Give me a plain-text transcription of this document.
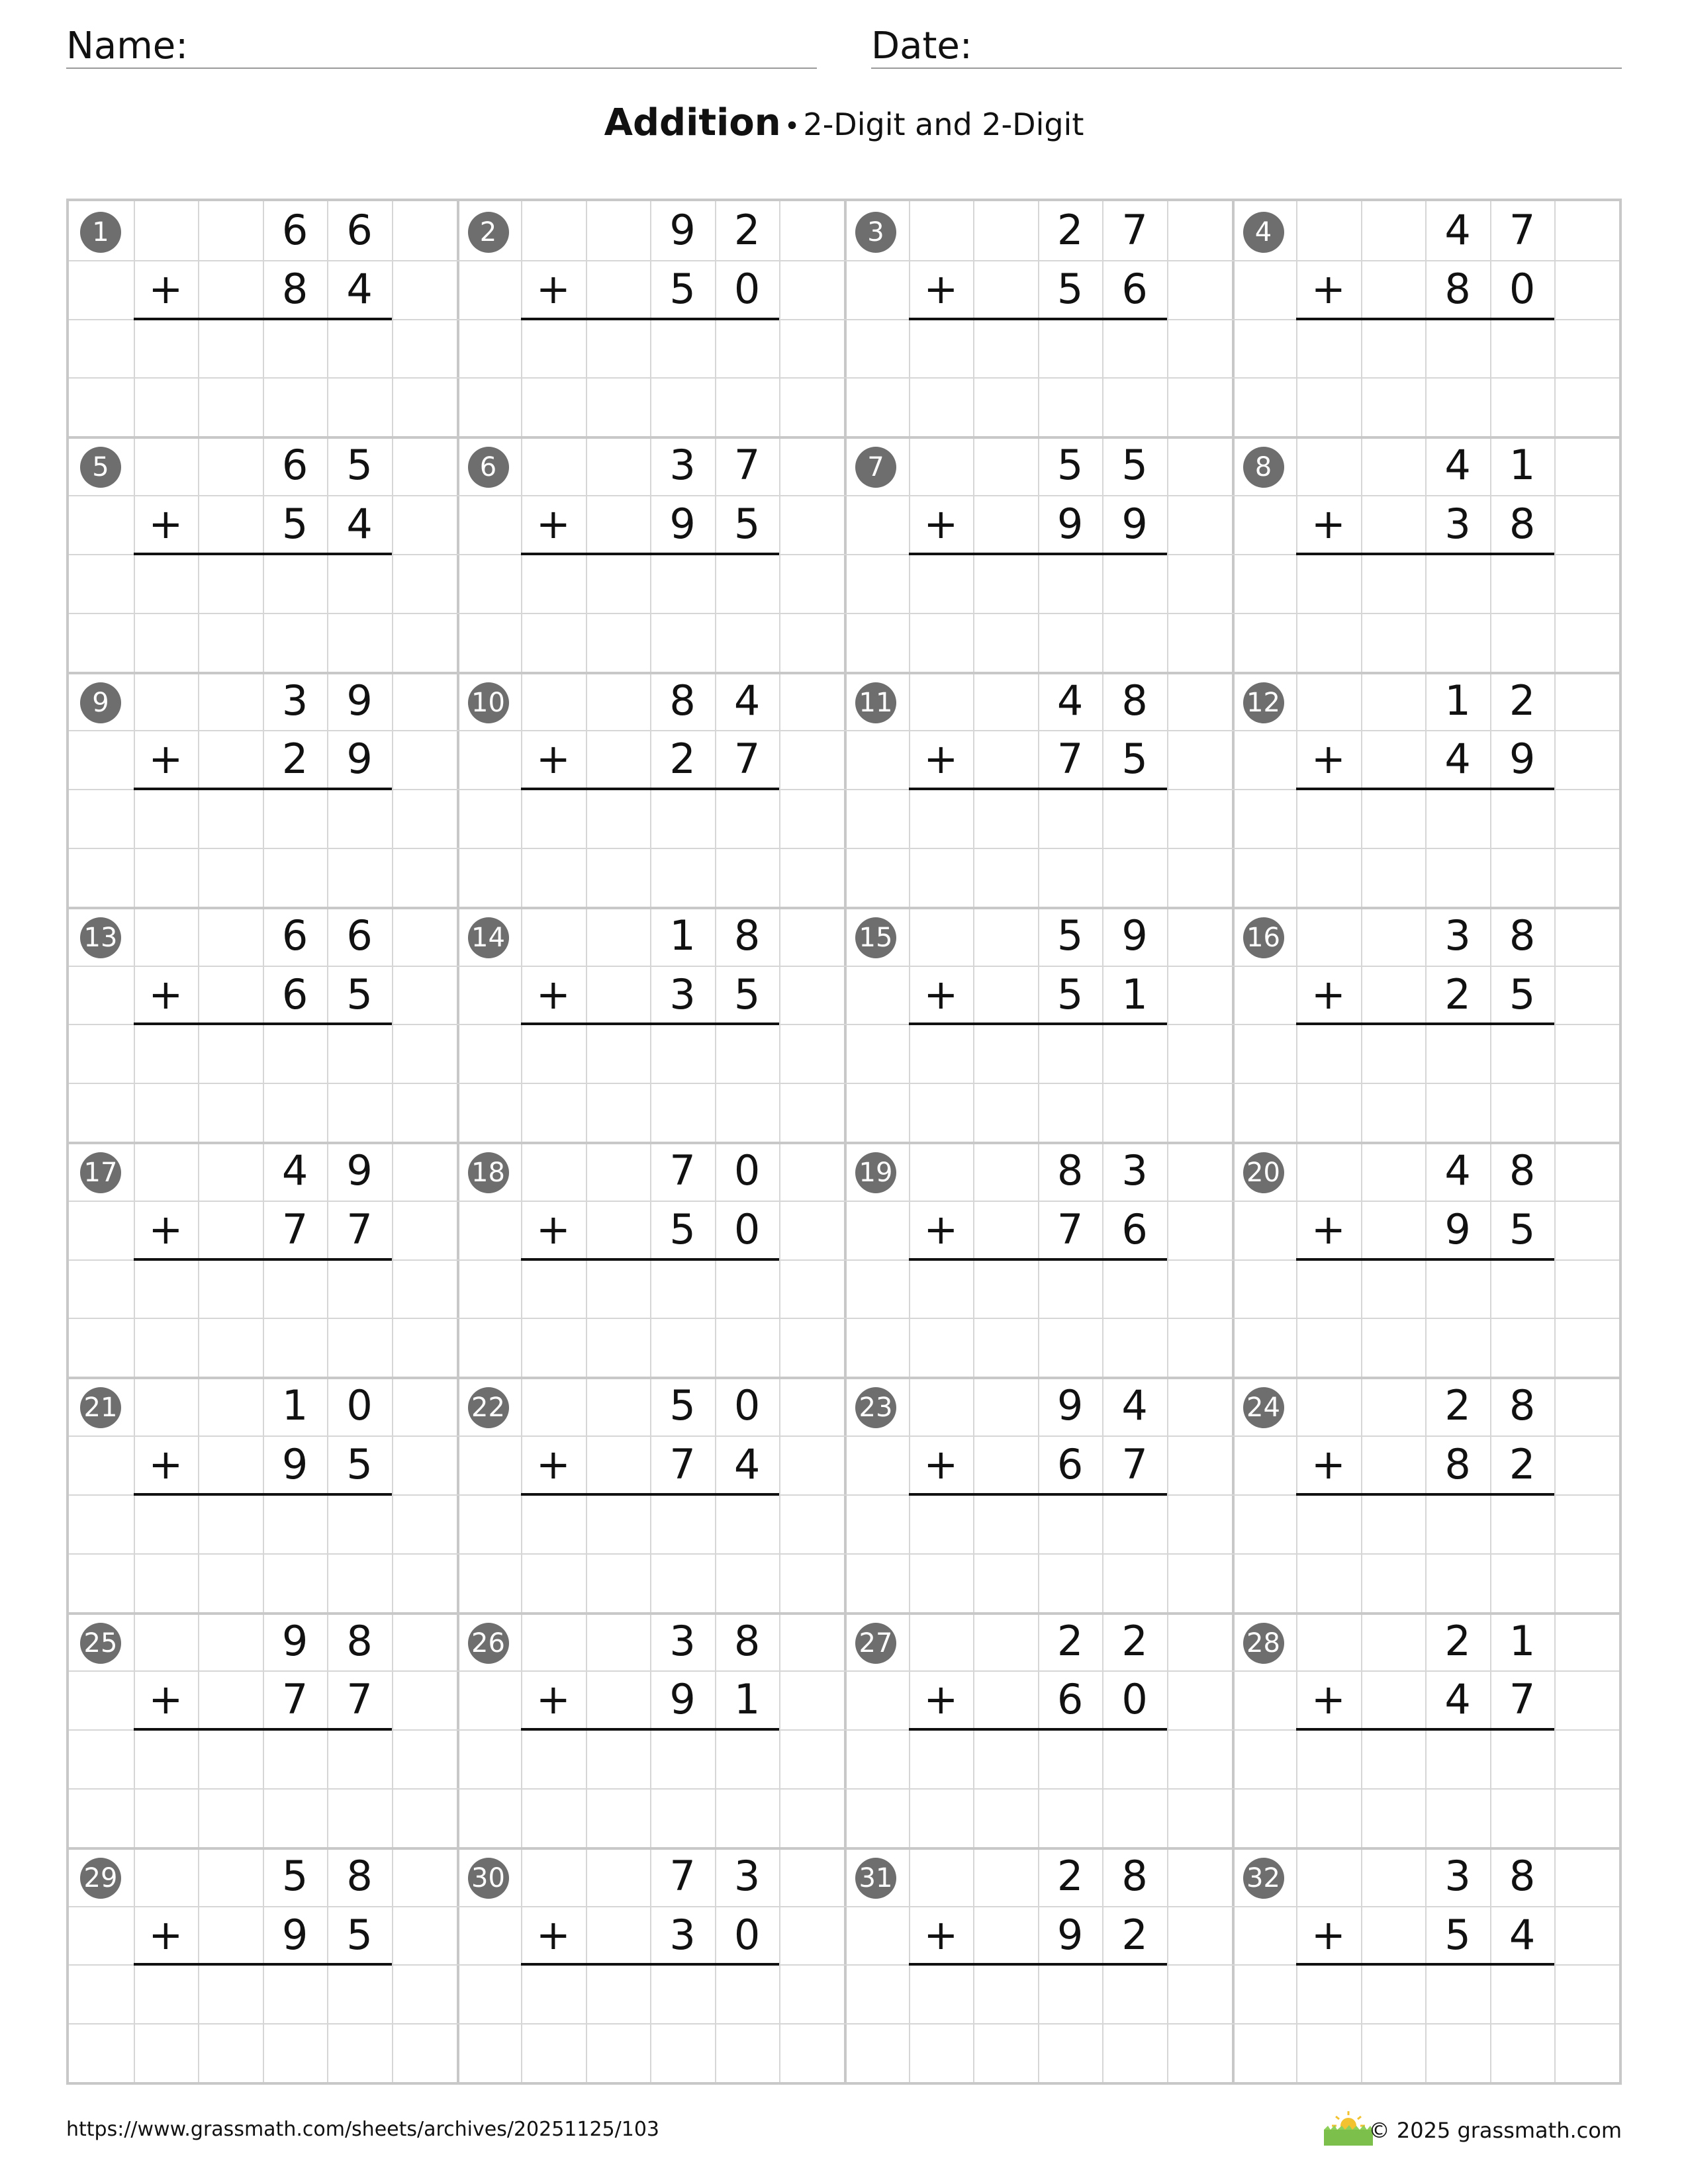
Name:	Date:
Addition • 2-Digit and 2-Digit
1	6 6
8 4
+
2	9 2
5 0
+
3	2 7
5 6
+
4	4 7
8 0
+
5	6 5
5 4
+
6	3 7
9 5
+
7	5 5
9 9
+
8	4 1
3 8
+
9	3 9
2 9
+
10	8 4
2 7
+
11	4 8
7 5
+
12	1 2
4 9
+
13	6 6
6 5
+
14	1 8
3 5
+
15	5 9
5 1
+
16	3 8
2 5
+
17	4 9
7 7
+
18	7 0
5 0
+
19	8 3
7 6
+
20	4 8
9 5
+
21	1 0
9 5
+
22	5 0
7 4
+
23	9 4
6 7
+
24	2 8
8 2
+
25	9 8
7 7
+
26	3 8
9 1
+
27	2 2
6 0
+
28	2 1
4 7
+
29	5 8
9 5
+
30	7 3
3 0
+
31	2 8
9 2
+
32	3 8
5 4
+
https://www.grassmath.com/sheets/archives/20251125/103	© 2025 grassmath.com
